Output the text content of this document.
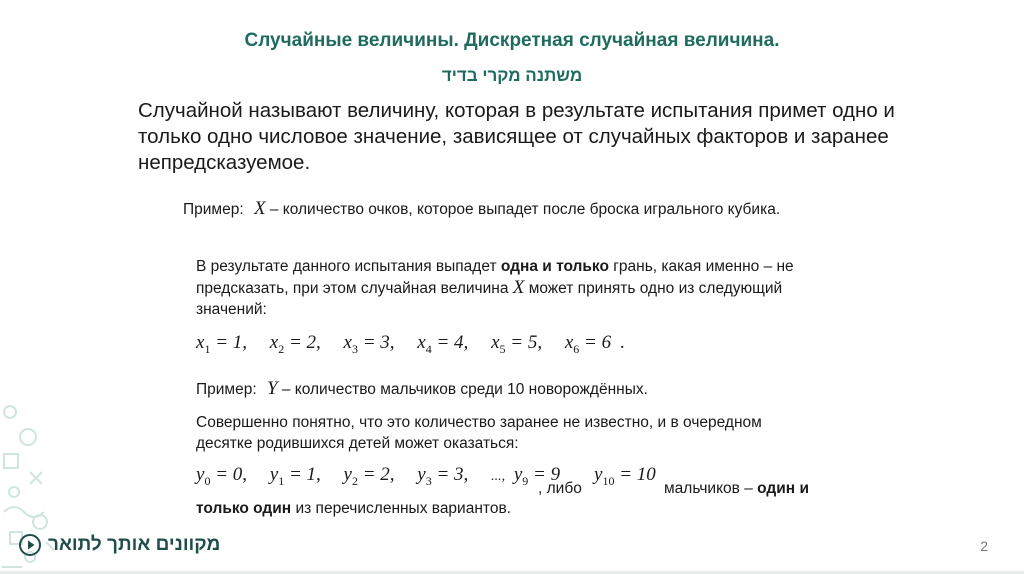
Случайные величины. Дискретная случайная величина.
משתנה מקרי בדיד
Случайной называют величину, которая в результате испытания примет одно и только одно числовое значение, зависящее от случайных факторов и заранее непредсказуемое.
Пример: X – количество очков, которое выпадет после броска игрального кубика.
В результате данного испытания выпадет одна и только грань, какая именно – не предсказать, при этом случайная величина X может принять одно из следующий значений:
$x_1 = 1$, $x_2 = 2$, $x_3 = 3$, $x_4 = 4$, $x_5 = 5$, $x_6 = 6$ .
Пример: Y – количество мальчиков среди 10 новорождённых.
Совершенно понятно, что это количество заранее не известно, и в очередном десятке родившихся детей может оказаться:
$y_0 = 0$, $y_1 = 1$, $y_2 = 2$, $y_3 = 3$, ..., $y_9 = 9$
, либо
$y_{10} = 10$
мальчиков – один и
только один из перечисленных вариантов.
מקוונים אותך לתואר	2
